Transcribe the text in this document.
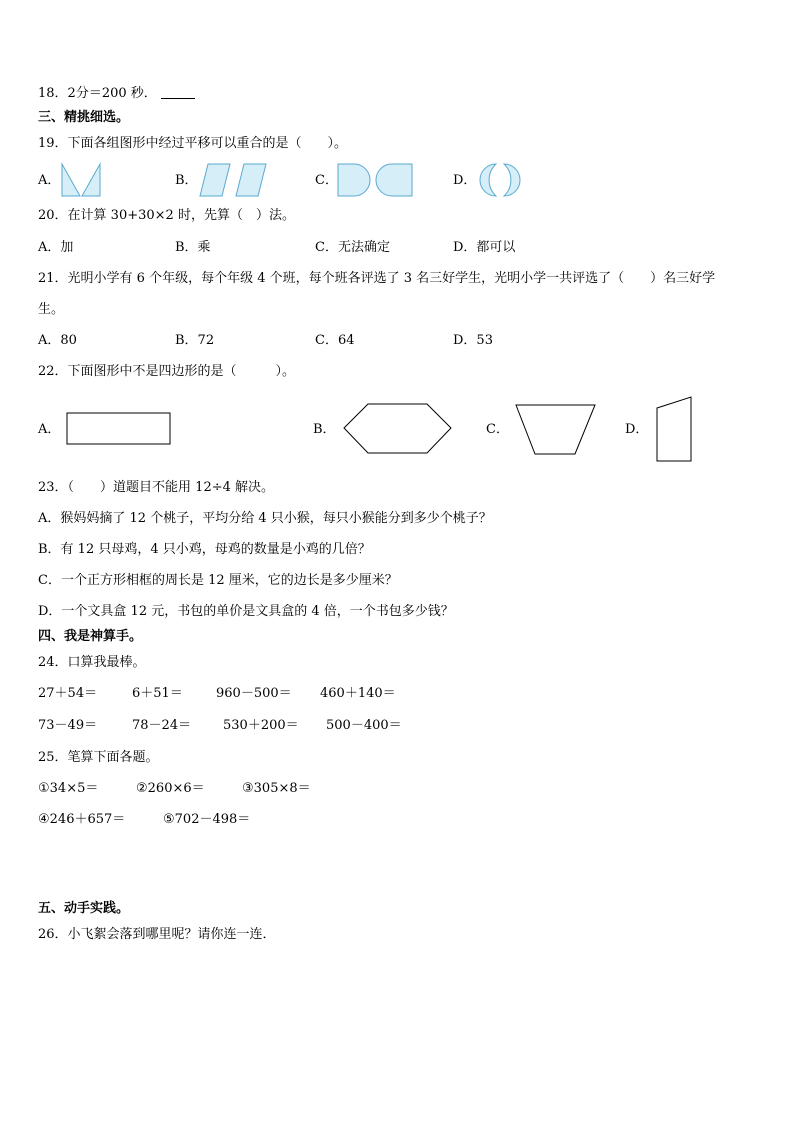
18．2分＝200 秒．
三、精挑细选。
19．下面各组图形中经过平移可以重合的是（　　）。
A．	B．	C．	D．
20．在计算 30+30×2 时，先算（　）法。
A．加	B．乘	C．无法确定	D．都可以
21．光明小学有 6 个年级，每个年级 4 个班，每个班各评选了 3 名三好学生，光明小学一共评选了（　　）名三好学
生。
A．80	B．72	C．64	D．53
22．下面图形中不是四边形的是（　　　）。
A．	B．	C．	D．
23．（　　）道题目不能用 12÷4 解决。
A．猴妈妈摘了 12 个桃子，平均分给 4 只小猴，每只小猴能分到多少个桃子？
B．有 12 只母鸡，4 只小鸡，母鸡的数量是小鸡的几倍？
C．一个正方形相框的周长是 12 厘米，它的边长是多少厘米？
D．一个文具盒 12 元，书包的单价是文具盒的 4 倍，一个书包多少钱？
四、我是神算手。
24．口算我最棒。
27＋54＝	6＋51＝	960－500＝ 460＋140＝
73－49＝	78－24＝ 530＋200＝ 500－400＝
25．笔算下面各题。
①34×5＝	②260×6＝	③305×8＝
④246＋657＝	⑤702－498＝
五、动手实践。
26．小飞絮会落到哪里呢？请你连一连．
